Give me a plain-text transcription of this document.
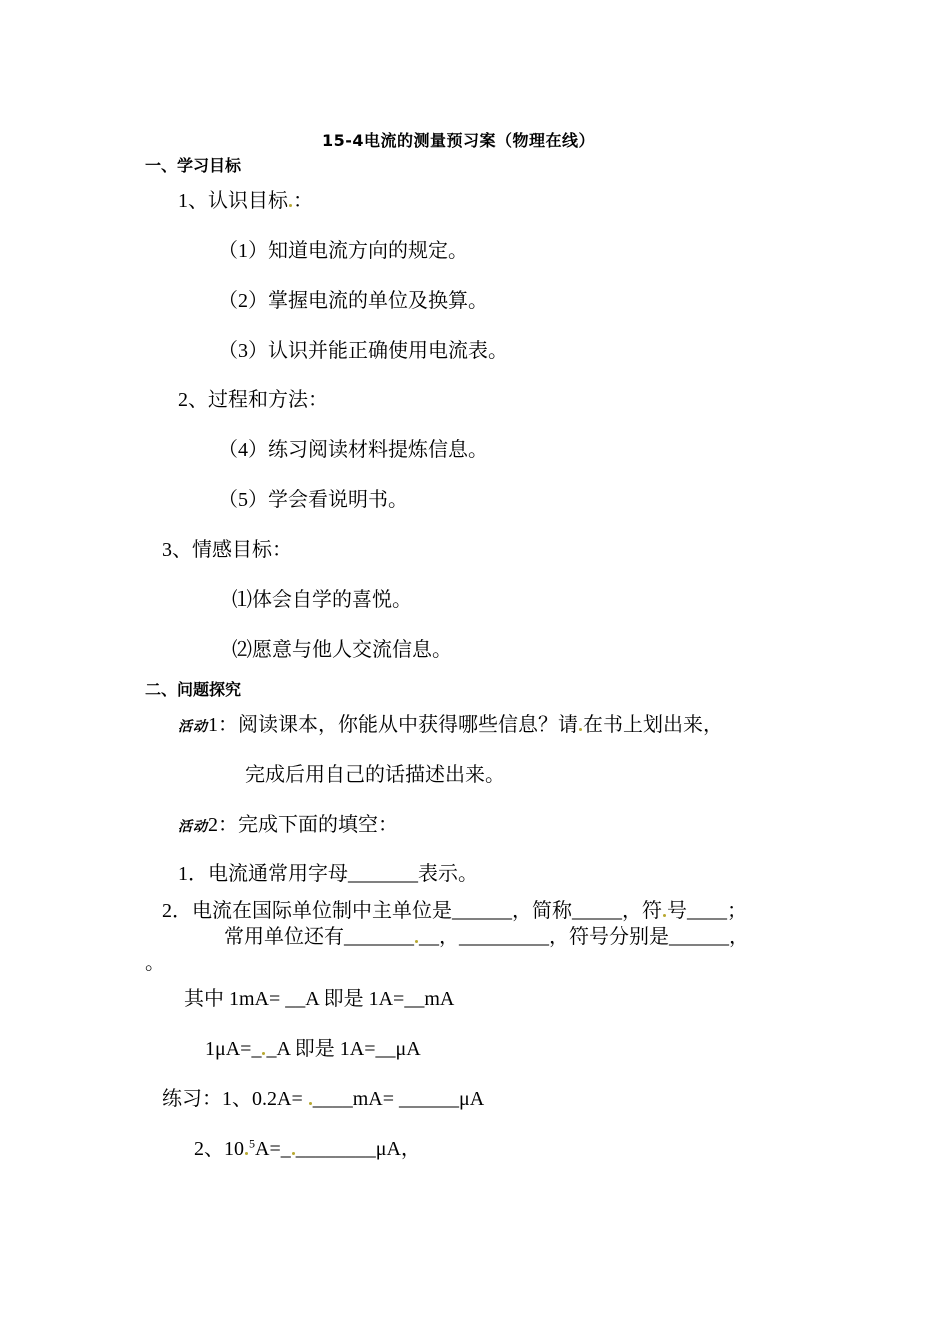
15-4电流的测量预习案（物理在线）
一、学习目标
1、认识目标 ：
（1）知道电流方向的规定。
（2）掌握电流的单位及换算。
（3）认识并能正确使用电流表。
2、过程和方法：
（4）练习阅读材料提炼信息。
（5）学会看说明书。
3、情感目标：
⑴体会自学的喜悦。
⑵愿意与他人交流信息。
二、问题探究
活动1：阅读课本，你能从中获得哪些信息？请 在书上划出来，
完成后用自己的话描述出来。
活动2：完成下面的填空：
1．电流通常用字母_______表示。
2．电流在国际单位制中主单位是______，简称_____，符 号____；
常用单位还有_______ __，_________，符号分别是______，
。
其中 1mA= __A 即是 1A=__mA
1μA=_ _A 即是 1A=__μA
练习：1、0.2A= ____mA= ______μA
2、10 $^5$A=_ ________μA，
